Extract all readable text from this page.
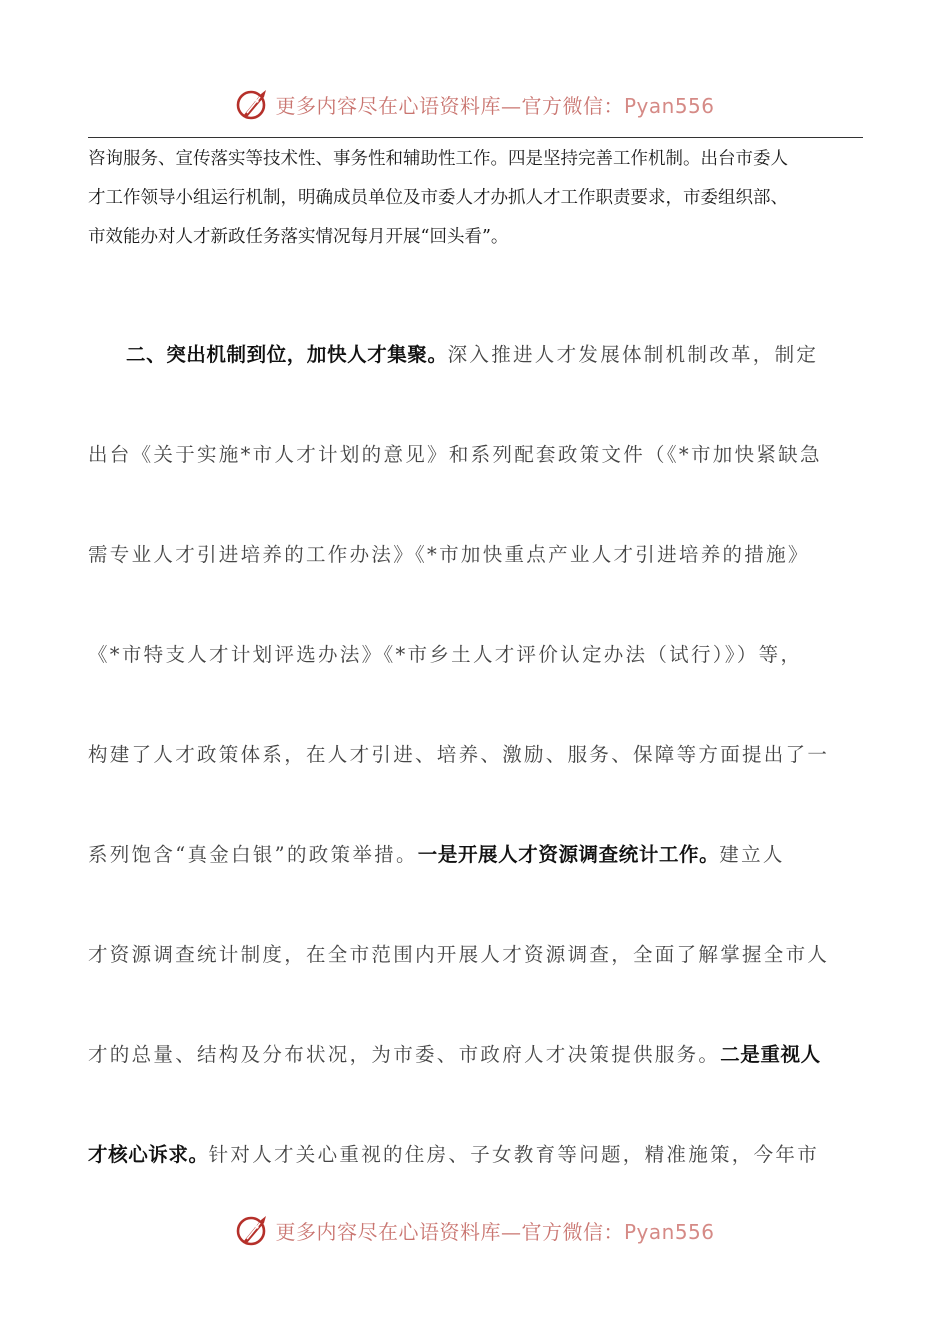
更多内容尽在心语资料库—官方微信：Pyan556
咨询服务、宣传落实等技术性、事务性和辅助性工作。四是坚持完善工作机制。出台市委人
才工作领导小组运行机制，明确成员单位及市委人才办抓人才工作职责要求，市委组织部、
市效能办对人才新政任务落实情况每月开展“回头看”。
二、突出机制到位，加快人才集聚。深入推进人才发展体制机制改革，制定
出台《关于实施*市人才计划的意见》和系列配套政策文件（《*市加快紧缺急
需专业人才引进培养的工作办法》《*市加快重点产业人才引进培养的措施》
《*市特支人才计划评选办法》《*市乡土人才评价认定办法（试行）》）等，
构建了人才政策体系，在人才引进、培养、激励、服务、保障等方面提出了一
系列饱含“真金白银”的政策举措。一是开展人才资源调查统计工作。建立人
才资源调查统计制度，在全市范围内开展人才资源调查，全面了解掌握全市人
才的总量、结构及分布状况，为市委、市政府人才决策提供服务。二是重视人
才核心诉求。针对人才关心重视的住房、子女教育等问题，精准施策，今年市
更多内容尽在心语资料库—官方微信：Pyan556
